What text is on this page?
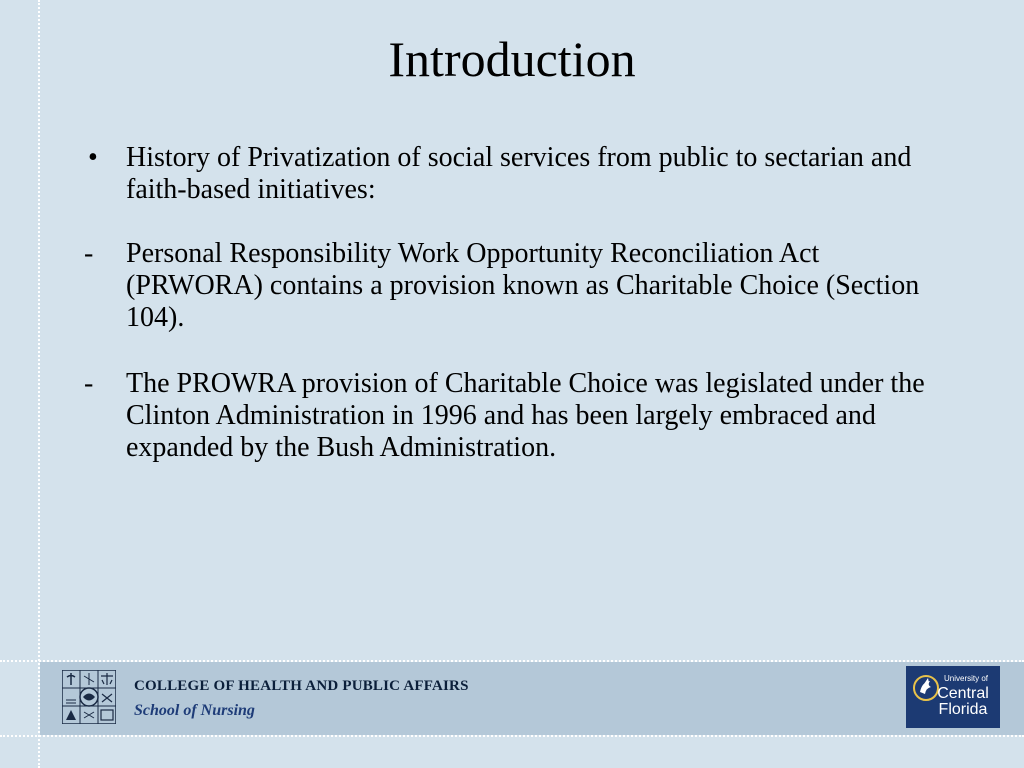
Introduction
•	History of Privatization of social services from public to sectarian and faith-based initiatives:
-	Personal Responsibility Work Opportunity Reconciliation Act (PRWORA) contains a provision known as Charitable Choice (Section 104).
-	The PROWRA provision of Charitable Choice was legislated under the Clinton Administration in 1996 and has been largely embraced and expanded by the Bush Administration.
COLLEGE OF HEALTH AND PUBLIC AFFAIRS
School of Nursing
University of
Central
Florida
